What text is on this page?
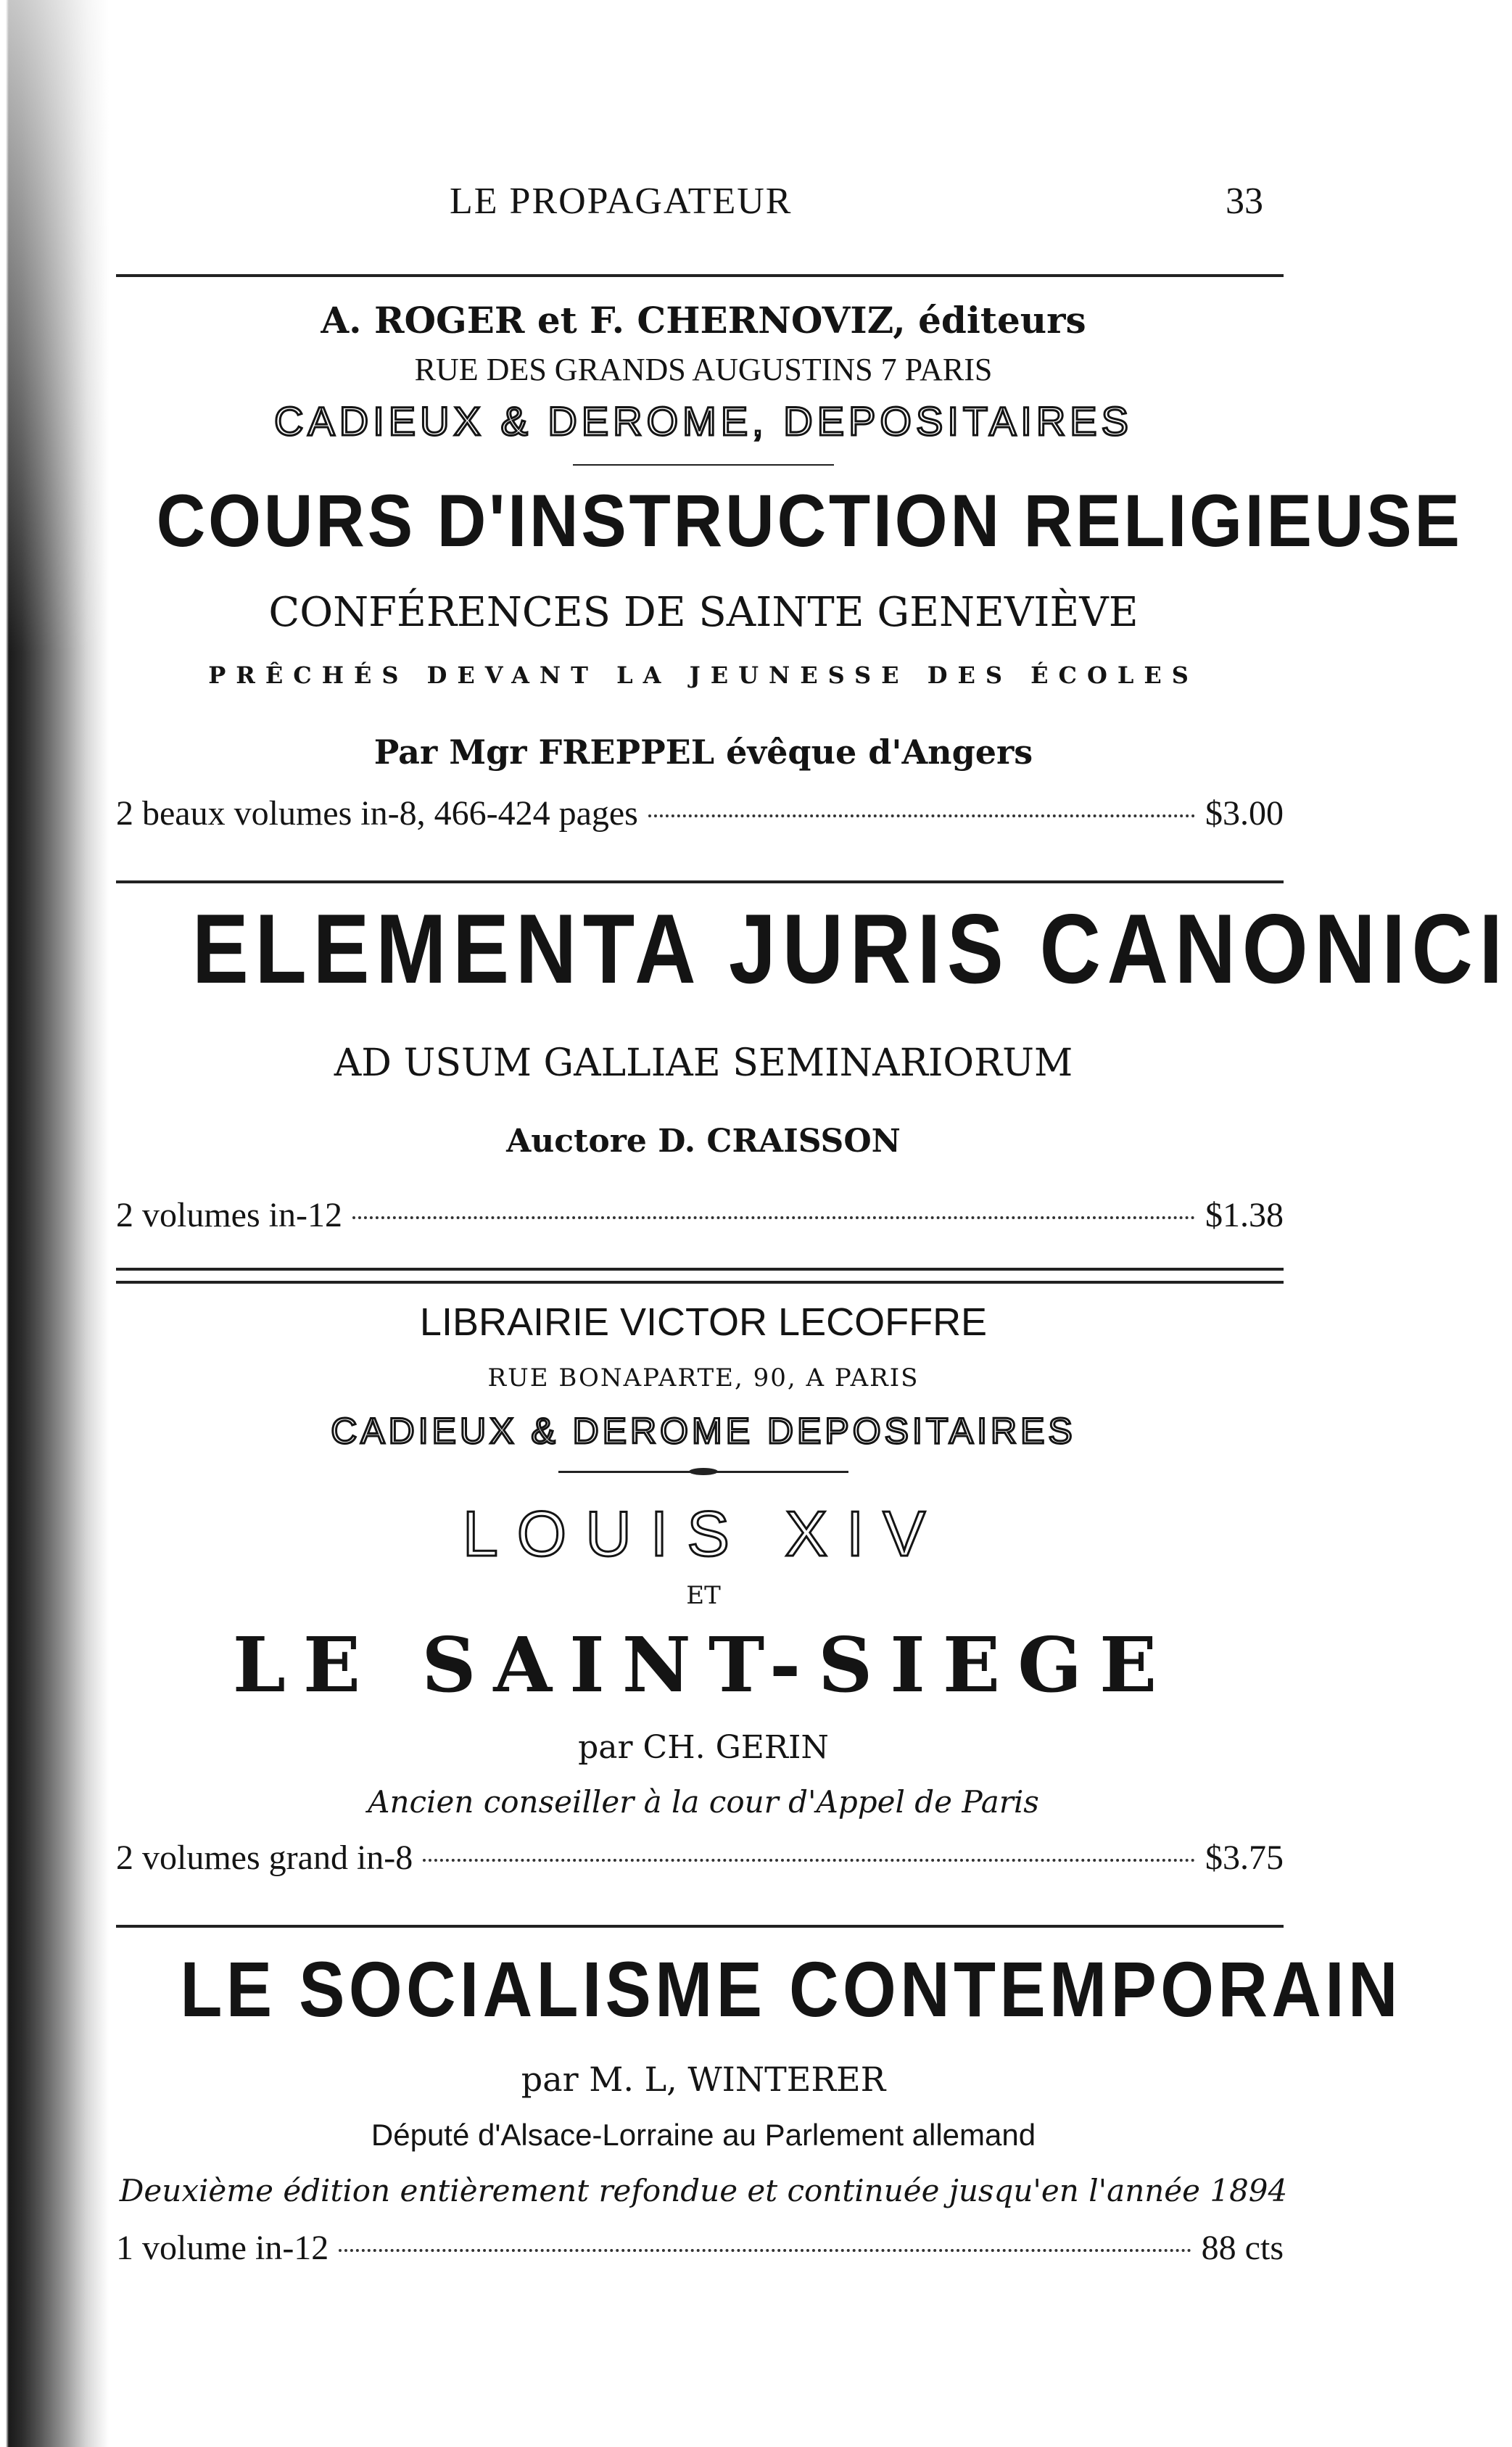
LE PROPAGATEUR	33
A. ROGER et F. CHERNOVIZ, éditeurs
RUE DES GRANDS AUGUSTINS 7 PARIS
CADIEUX & DEROME, DEPOSITAIRES
COURS D'INSTRUCTION RELIGIEUSE
CONFÉRENCES DE SAINTE GENEVIÈVE
PRÊCHÉS DEVANT LA JEUNESSE DES ÉCOLES
Par Mgr FREPPEL évêque d'Angers
2 beaux volumes in-8, 466-424 pages	$3.00
ELEMENTA JURIS CANONICI
AD USUM GALLIAE SEMINARIORUM
Auctore D. CRAISSON
2 volumes in-12	$1.38
LIBRAIRIE VICTOR LECOFFRE
RUE BONAPARTE, 90, A PARIS
CADIEUX & DEROME DEPOSITAIRES
LOUIS XIV
ET
LE SAINT-SIEGE
par CH. GERIN
Ancien conseiller à la cour d'Appel de Paris
2 volumes grand in-8	$3.75
LE SOCIALISME CONTEMPORAIN
par M. L, WINTERER
Député d'Alsace-Lorraine au Parlement allemand
Deuxième édition entièrement refondue et continuée jusqu'en l'année 1894
1 volume in-12	88 cts
